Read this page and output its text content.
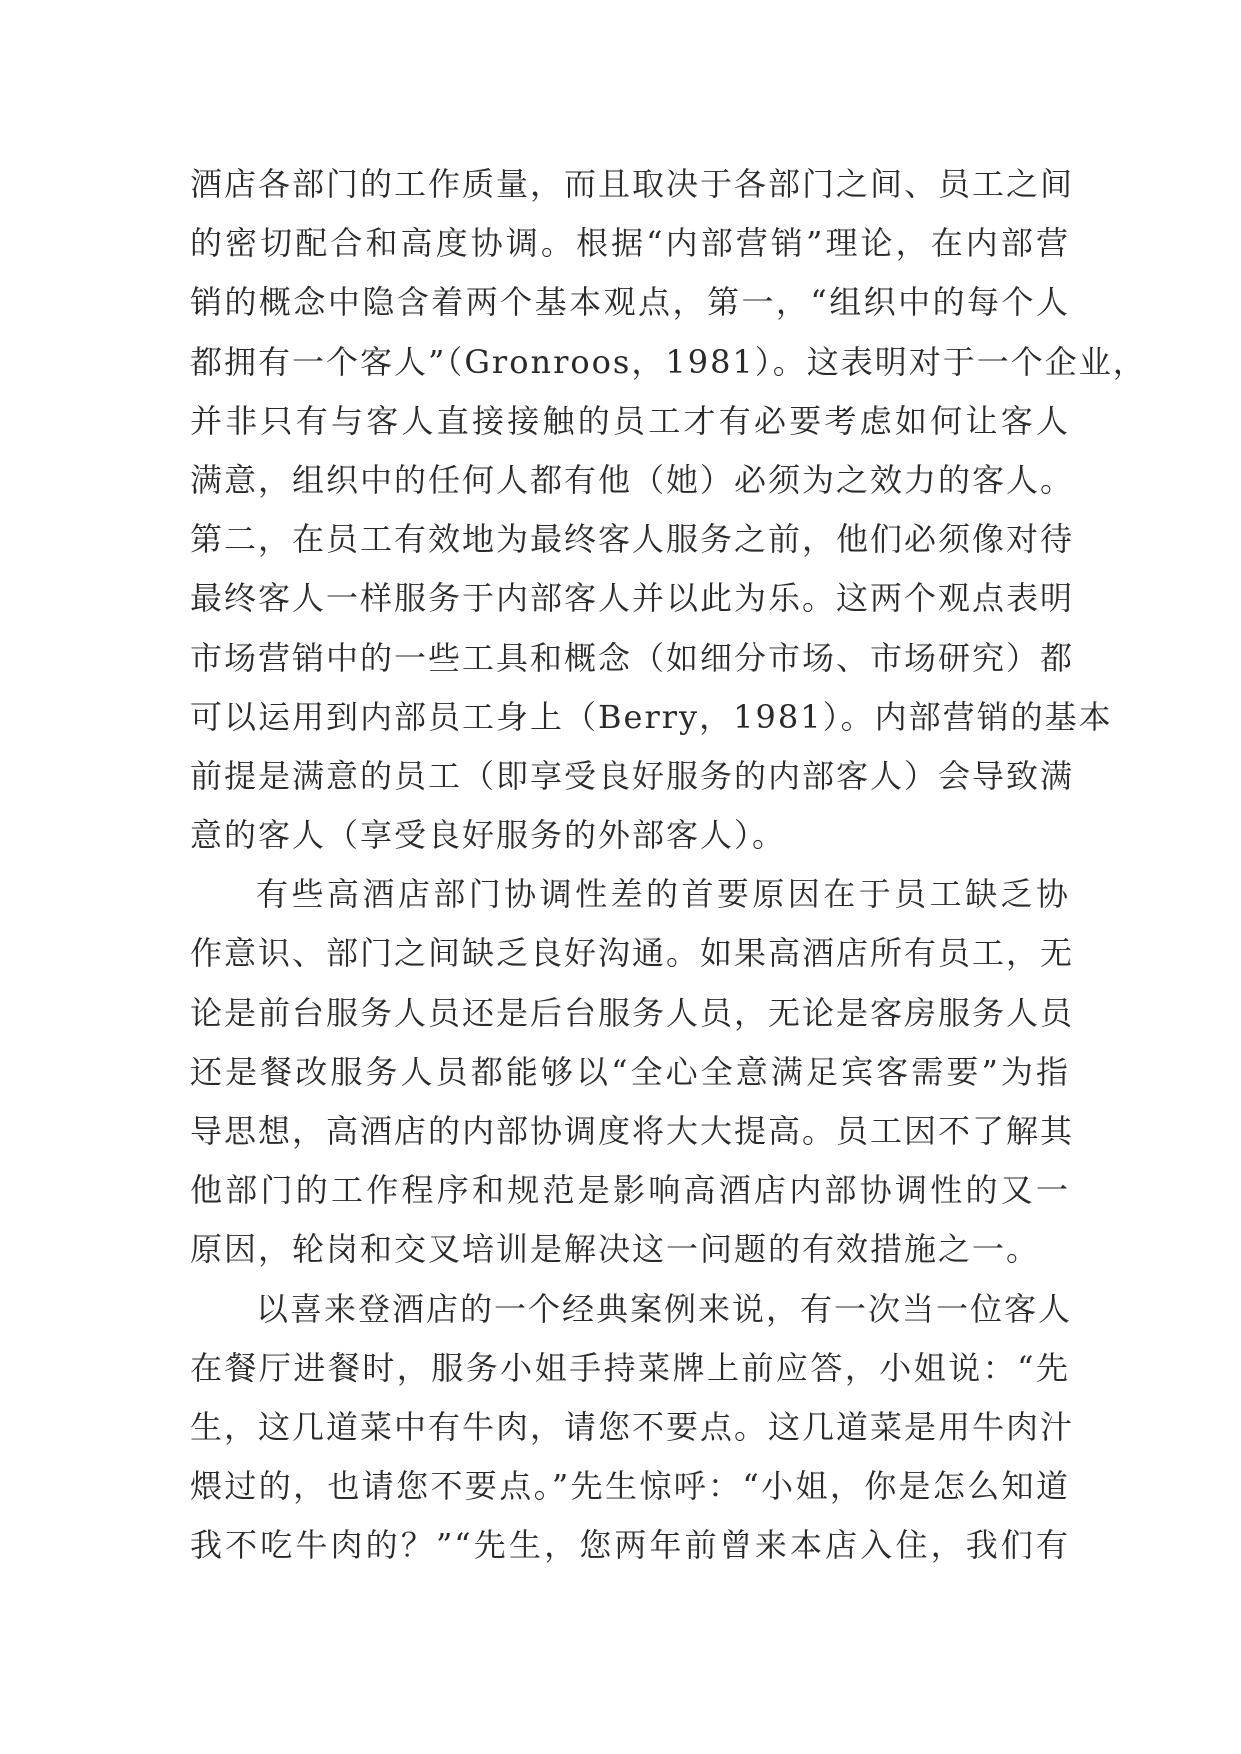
酒店各部门的工作质量，而且取决于各部门之间、员工之间
的密切配合和高度协调。根据“内部营销”理论，在内部营
销的概念中隐含着两个基本观点，第一，“组织中的每个人
都拥有一个客人”（Gronroos，1981）。这表明对于一个企业，
并非只有与客人直接接触的员工才有必要考虑如何让客人
满意，组织中的任何人都有他（她）必须为之效力的客人。
第二，在员工有效地为最终客人服务之前，他们必须像对待
最终客人一样服务于内部客人并以此为乐。这两个观点表明
市场营销中的一些工具和概念（如细分市场、市场研究）都
可以运用到内部员工身上（Berry，1981）。内部营销的基本
前提是满意的员工（即享受良好服务的内部客人）会导致满
意的客人（享受良好服务的外部客人）。
有些高酒店部门协调性差的首要原因在于员工缺乏协
作意识、部门之间缺乏良好沟通。如果高酒店所有员工，无
论是前台服务人员还是后台服务人员，无论是客房服务人员
还是餐改服务人员都能够以“全心全意满足宾客需要”为指
导思想，高酒店的内部协调度将大大提高。员工因不了解其
他部门的工作程序和规范是影响高酒店内部协调性的又一
原因，轮岗和交叉培训是解决这一问题的有效措施之一。
以喜来登酒店的一个经典案例来说，有一次当一位客人
在餐厅进餐时，服务小姐手持菜牌上前应答，小姐说：“先
生，这几道菜中有牛肉，请您不要点。这几道菜是用牛肉汁
煨过的，也请您不要点。”先生惊呼：“小姐，你是怎么知道
我不吃牛肉的？”“先生，您两年前曾来本店入住，我们有
